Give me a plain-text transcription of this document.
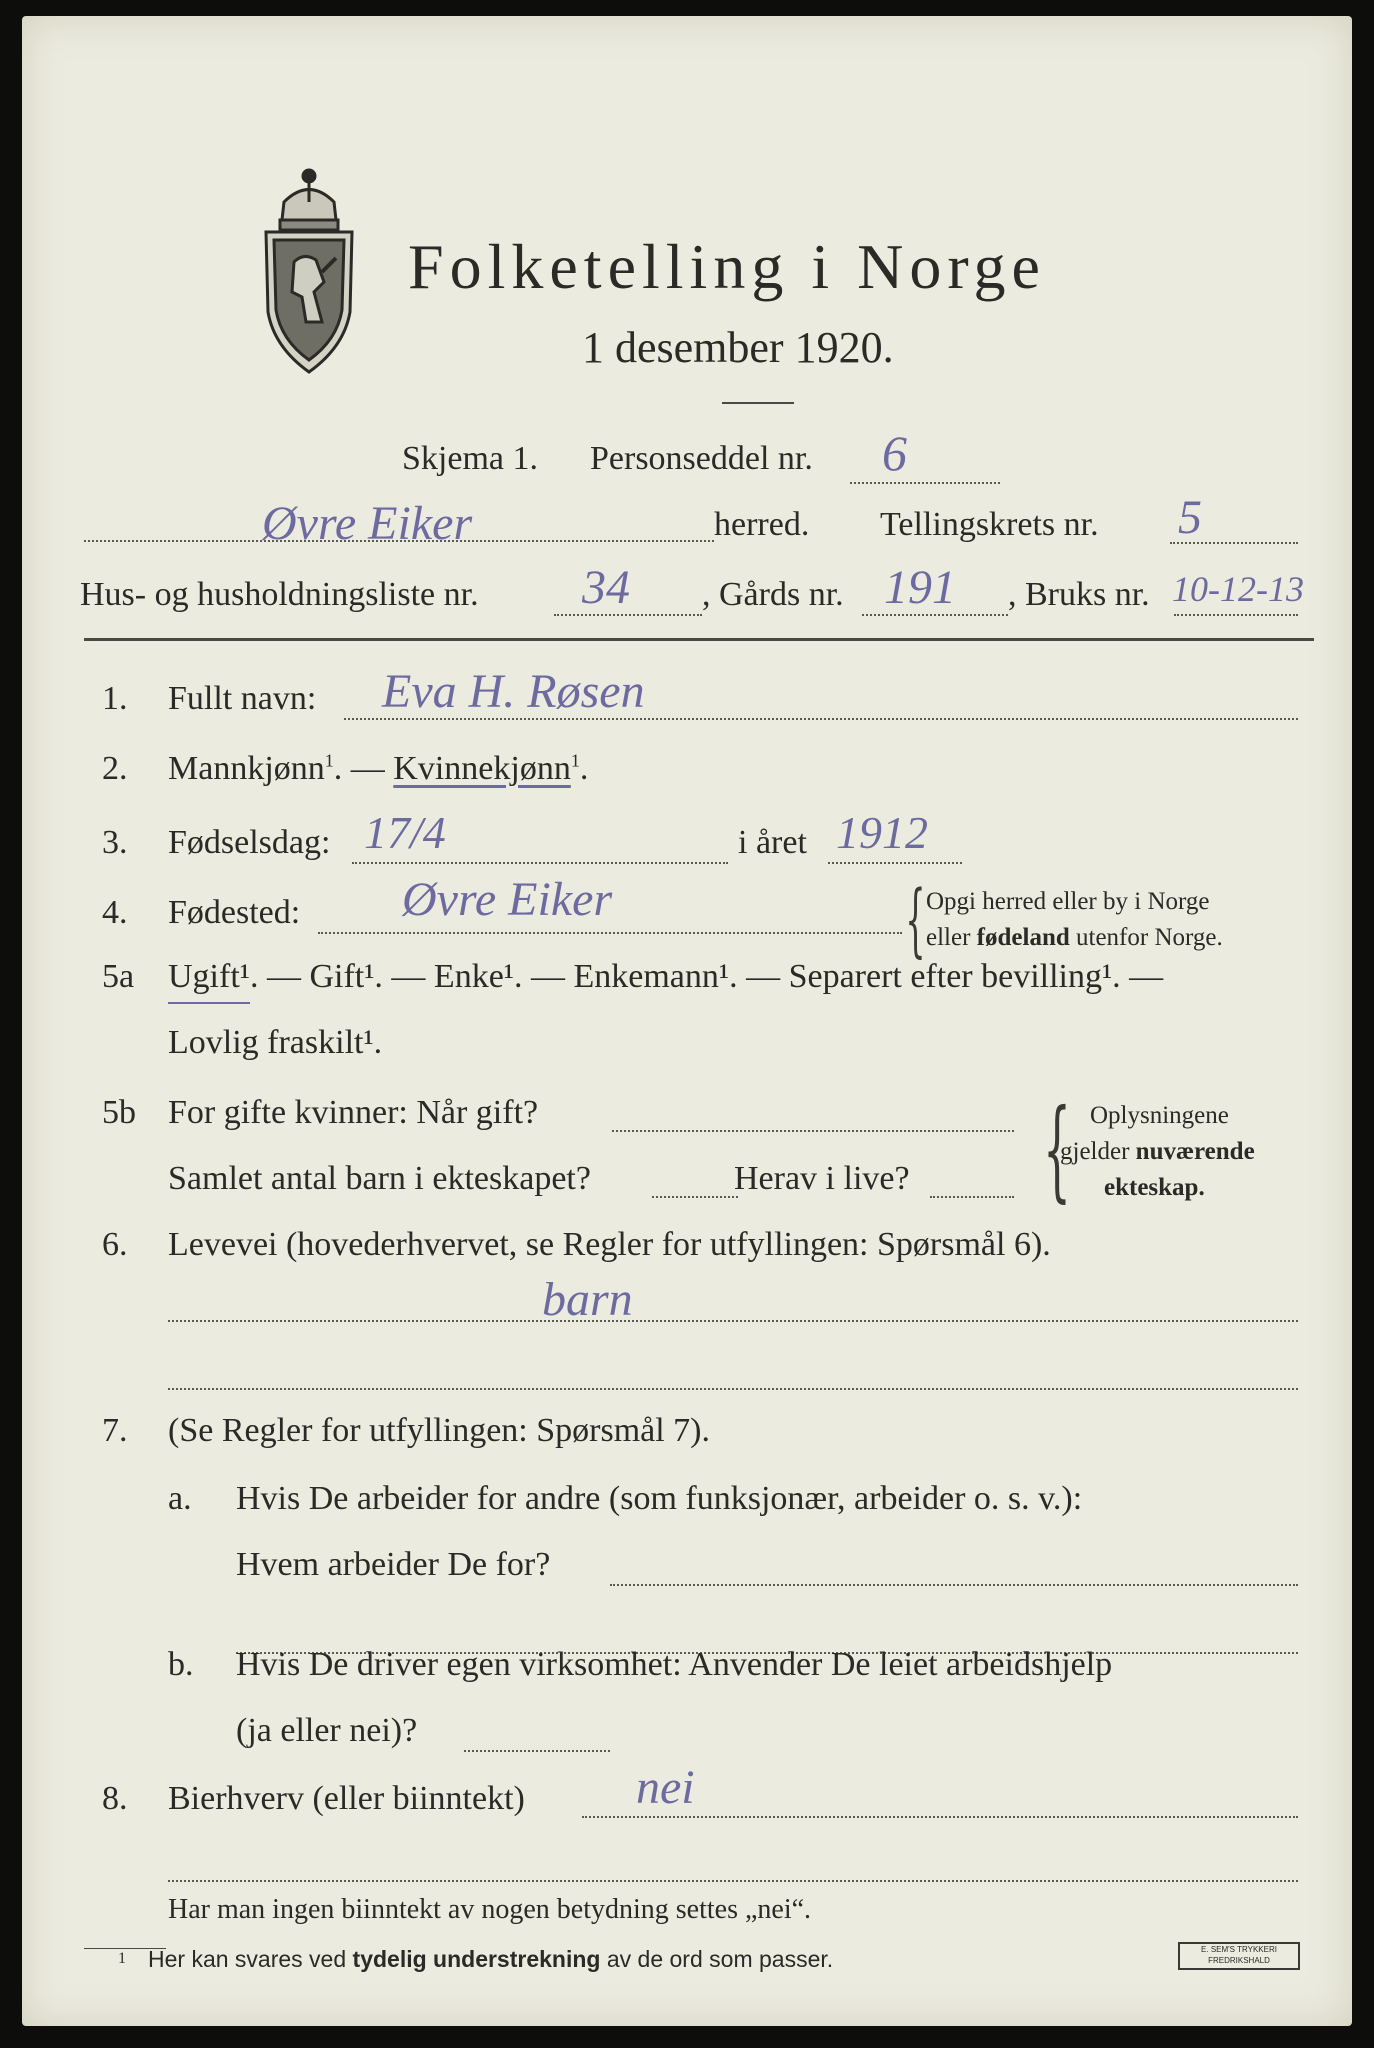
Folketelling i Norge
1 desember 1920.
Skjema 1. Personseddel nr. 6
Øvre Eiker	herred. Tellingskrets nr. 5
Hus- og husholdningsliste nr. 34 , Gårds nr. 191 , Bruks nr. 10-12-13
1. Fullt navn: Eva H. Røsen
2. Mannkjønn$^1$. — Kvinnekjønn$^1$.
3. Fødselsdag: 17/4	i året 1912
4. Fødested: Øvre Eiker	{ Opgi herred eller by i Norge
eller fødeland utenfor Norge.
5a Ugift¹. — Gift¹. — Enke¹. — Enkemann¹. — Separert efter bevilling¹. —
Lovlig fraskilt¹.
5b For gifte kvinner: Når gift?
Samlet antal barn i ekteskapet?	Herav i live? { Oplysningene
gjelder nuværende
ekteskap.
6. Levevei (hovederhvervet, se Regler for utfyllingen: Spørsmål 6).
barn
7. (Se Regler for utfyllingen: Spørsmål 7).
a. Hvis De arbeider for andre (som funksjonær, arbeider o. s. v.):
Hvem arbeider De for?
b. Hvis De driver egen virksomhet: Anvender De leiet arbeidshjelp
(ja eller nei)?
8. Bierhverv (eller biinntekt) nei
Har man ingen biinntekt av nogen betydning settes „nei“.
1 Her kan svares ved tydelig understrekning av de ord som passer.	E. SEM'S TRYKKERI
FREDRIKSHALD
